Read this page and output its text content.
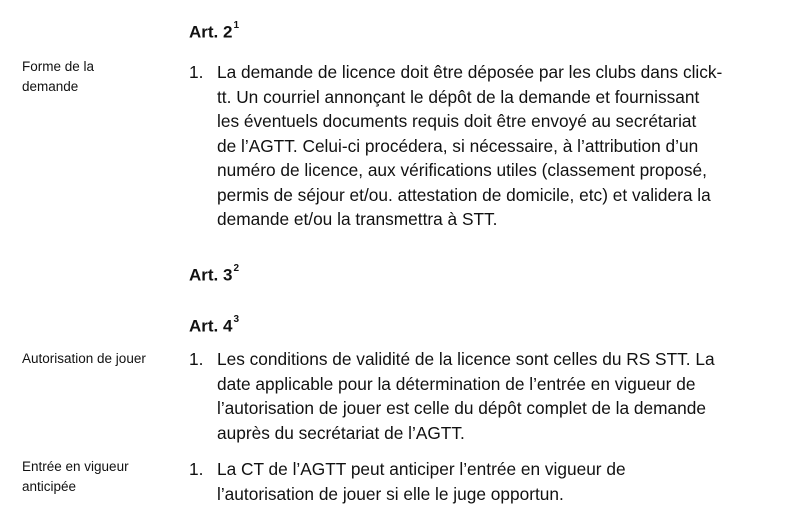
Art. $2^1$
Forme de la
demande
1. La demande de licence doit être déposée par les clubs dans click-
tt. Un courriel annonçant le dépôt de la demande et fournissant
les éventuels documents requis doit être envoyé au secrétariat
de l’AGTT. Celui-ci procédera, si nécessaire, à l’attribution d’un
numéro de licence, aux vérifications utiles (classement proposé,
permis de séjour et/ou. attestation de domicile, etc) et validera la
demande et/ou la transmettra à STT.
Art. $3^2$
Art. $4^3$
Autorisation de jouer 1. Les conditions de validité de la licence sont celles du RS STT. La
date applicable pour la détermination de l’entrée en vigueur de
l’autorisation de jouer est celle du dépôt complet de la demande
auprès du secrétariat de l’AGTT.
Entrée en vigueur
anticipée
1. La CT de l’AGTT peut anticiper l’entrée en vigueur de
l’autorisation de jouer si elle le juge opportun.
